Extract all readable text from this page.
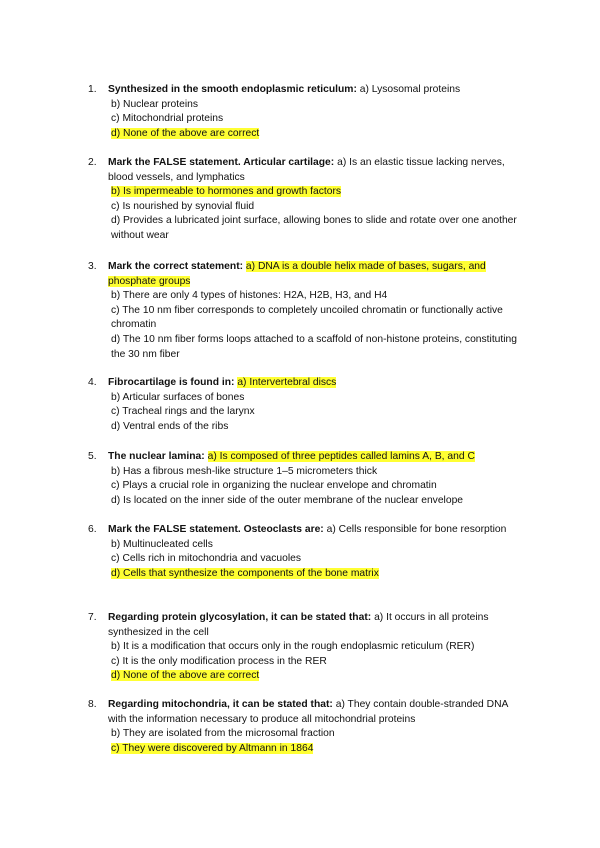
1. Synthesized in the smooth endoplasmic reticulum: a) Lysosomal proteins
b) Nuclear proteins
c) Mitochondrial proteins
d) None of the above are correct
2. Mark the FALSE statement. Articular cartilage: a) Is an elastic tissue lacking nerves, blood vessels, and lymphatics
b) Is impermeable to hormones and growth factors
c) Is nourished by synovial fluid
d) Provides a lubricated joint surface, allowing bones to slide and rotate over one another without wear
3. Mark the correct statement: a) DNA is a double helix made of bases, sugars, and phosphate groups
b) There are only 4 types of histones: H2A, H2B, H3, and H4
c) The 10 nm fiber corresponds to completely uncoiled chromatin or functionally active chromatin
d) The 10 nm fiber forms loops attached to a scaffold of non-histone proteins, constituting the 30 nm fiber
4. Fibrocartilage is found in: a) Intervertebral discs
b) Articular surfaces of bones
c) Tracheal rings and the larynx
d) Ventral ends of the ribs
5. The nuclear lamina: a) Is composed of three peptides called lamins A, B, and C
b) Has a fibrous mesh-like structure 1–5 micrometers thick
c) Plays a crucial role in organizing the nuclear envelope and chromatin
d) Is located on the inner side of the outer membrane of the nuclear envelope
6. Mark the FALSE statement. Osteoclasts are: a) Cells responsible for bone resorption
b) Multinucleated cells
c) Cells rich in mitochondria and vacuoles
d) Cells that synthesize the components of the bone matrix
7. Regarding protein glycosylation, it can be stated that: a) It occurs in all proteins synthesized in the cell
b) It is a modification that occurs only in the rough endoplasmic reticulum (RER)
c) It is the only modification process in the RER
d) None of the above are correct
8. Regarding mitochondria, it can be stated that: a) They contain double-stranded DNA with the information necessary to produce all mitochondrial proteins
b) They are isolated from the microsomal fraction
c) They were discovered by Altmann in 1864
